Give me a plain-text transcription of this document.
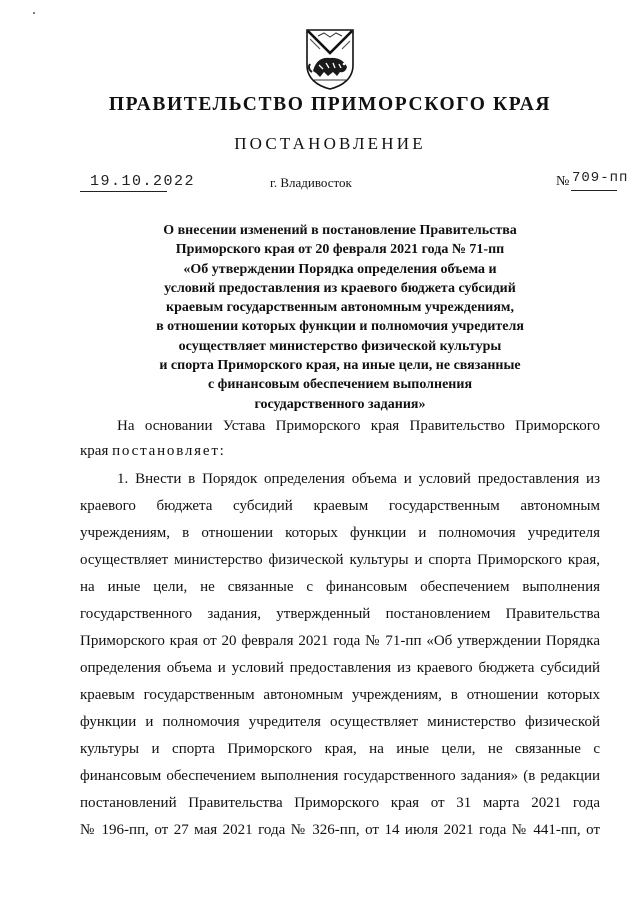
ПРАВИТЕЛЬСТВО ПРИМОРСКОГО КРАЯ
ПОСТАНОВЛЕНИЕ
19.10.2022	г. Владивосток	№ 709-пп
О внесении изменений в постановление Правительства
Приморского края от 20 февраля 2021 года № 71-пп
«Об утверждении Порядка определения объема и
условий предоставления из краевого бюджета субсидий
краевым государственным автономным учреждениям,
в отношении которых функции и полномочия учредителя
осуществляет министерство физической культуры
и спорта Приморского края, на иные цели, не связанные
с финансовым обеспечением выполнения
государственного задания»
На основании Устава Приморского края Правительство Приморского
края постановляет:
1. Внести в Порядок определения объема и условий предоставления из
краевого бюджета субсидий краевым государственным автономным
учреждениям, в отношении которых функции и полномочия учредителя
осуществляет министерство физической культуры и спорта Приморского края,
на иные цели, не связанные с финансовым обеспечением выполнения
государственного задания, утвержденный постановлением Правительства
Приморского края от 20 февраля 2021 года № 71-пп «Об утверждении Порядка
определения объема и условий предоставления из краевого бюджета субсидий
краевым государственным автономным учреждениям, в отношении которых
функции и полномочия учредителя осуществляет министерство физической
культуры и спорта Приморского края, на иные цели, не связанные с
финансовым обеспечением выполнения государственного задания» (в редакции
постановлений Правительства Приморского края от 31 марта 2021 года
№ 196-пп, от 27 мая 2021 года № 326-пп, от 14 июля 2021 года № 441-пп, от
